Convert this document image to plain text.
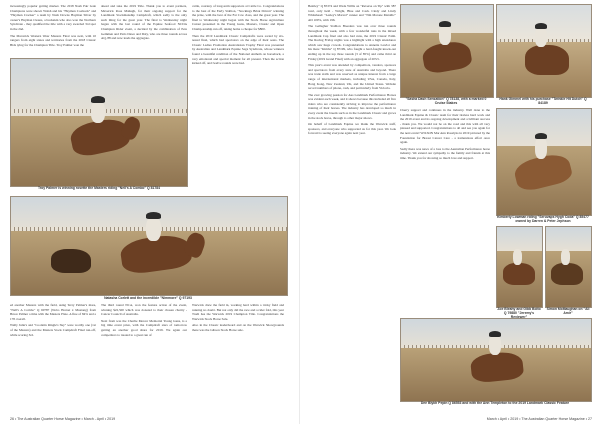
increasingly popular getting market. The 2018 Nash Pair Gale Champions were shown Walsh and his "Hayman Coalsack" and "Hayman Cracker" a team by Nash Downs Hayman Silver by owner's Hayman Cleans, a buckskin who also won the Northern Syndicate - they qualified the title with a very awarded 3rd spot in the 2nd.

The Maverick Western Wear Masters Final was next, with 10 rangers from eight states and territories from the 2018 Classic Bids tying for the Champion Title. Troy Palmer won the

ahead and take the 2019 Title. Thank you to event partners, Maverick Ross Mahugh, for their ongoing support for the Landmark Stockmanship Campdraft, which sadly is the only such thing for the great year. The final to Wednesday night began with the last round of the Equine Seafood NCDA Champion Rider event, a decided by the combination of Peta Gemmen and Paris Dawe and Daly, who are three rounds across AQ, 88 and now leads the aggregate.

cattle, courtesy of long-term supporters at Cattle Co. Congratulations to the best of the Early Stallion, "Stockings Brisk Driven" winning the prize, with the best of the Fat Cow class, and the great year. The final to Wednesday night began with the Stock Horse Agriculture Cutout presented in the Young Guns, Masters, Classic and Open Champ-ionship run off, taking home a cheque for $800.

Then the 2019 Landmark Classic Campdrafts were sorted by six-tested final, which had spectators on the edge of their seats. The Classic Ladies Promotion Australasian Trophy Final was presented by Australian and Landmark Equine Saga Syndicate, whose winners found a beautiful rendition of the National Anthem on horseback, a very emotional and special moment for all present. Then the action kicked off, and twelve rounds were had.

Troy Palmer is winning rosette the Masters riding "Nell's A Combo" Q 81784
Natasha Corlett and the incredible "Nimmore" Q 97193

ed another Masters with the field, using Terry Palmer's mare, "Nell's A Combo" Q 60787 (Nobo Hornet x Mustang) from Bruce Palmer a time with the Masters Plate. A fine of 84% and a 178 overall.

Wally Julie's and "Coolatin Ringle's Sky" were worthy one (1st of the Masters) and the Masters Stock Campdraft Final run-off, while scoring 3rd.

The third round NCA, won the feature action of the event, winning $22,500 which was donated to their chosen charity - Cancer Council of Australia.

Next from was the Charlie Mercer Memorial Young Guns, is a big time event prize, with the Campdraft stars of tomorrow getting an another good share for 2019. We again our competitors to treated to a great run of

Warwick drew the field in, working hard within a tricky field and running no doubt. But not only did the race and a rider fold, this year Trudi has the Warwick 2019 Champion Title. Congratulations the Warwick Stock Horse Sale.

Also in the Classic leaderboard and on the Warwick Showgrounds there was the Gibson Stock Horse sale.

26 • The Australian Quarter Horse Magazine • March - April • 2019

Bentley" Q 85374 and Wade Willis on "Reverse on Tip" with 387 total, only held - Wright, Blue and Cash. Cindy and Lindy Whitehead: "Lesley's Marvel" runner and "Tim Marone Metallic" AD 100%, with 196.

The Gallagher Stallion Breeders was run over three rounds throughout the week, with a few wonderful runs in the mixed Landmark Cup final and also had runs, the 2019 Classic Palm. The Racing Friday nights was a highlight with a high attendance which saw huge crowds. Congratulations to Annette Lawlor and his mare "Kimba" Q 87199, who fought a hard-fought knock-out ending up in the top three rounds (3 of 85%) and came third on Friday (2019 Grand Final) with an aggregate of 203.5.

This year's event was attended by competitors, vendors, sponsors and spectators from every state of Australia and beyond. There was trade stalls and was reserved as unique interest from a large range of international markets, including USA, Canada, Italy, Hong Kong, New Zealand, UK, and the United States. Website record numbers of phone, cash, and particularly from Victoria.

The ever growing passion for Aus Landmark Performance Horses was evident each week, and it shows because this included all five riders who are consistently striving to improve the performance training of their horses. The industry has developed so much in every event the breeds such as in the Landmark Classic and grows in the stock horse, through to other major shows.

On behalf of Landmark Equine we thank the Warwick staff, sponsors, and everyone who supported us for this year. We look forward to seeing everyone again next year.

"Sasha Dash Sensation" Q 78138, with a marked 0 Cruise Stakes
Hank Gimmel with his purchase "Twinkle Hit Dutch" Q 84189
Kimberly Lowman riding "Seruvaps Hygh Coda" Q 85477 owned by Darren & Peter Jephson

Cherry support and continues in the industry. Well done to the Landmark Equine & Classic team for their tireless hard work and the 2019 event and its ongoing development and a brilliant success - thank you. We would not be on the road and this with all very pleased and supported. Congratulations to all and see you again for the next event! WILSON Mar Ann Rosslyns in 2019 pictured by the Foundation for Breast Cancer Care - a tremendous effort once again.

Sadly there was news of a loss to the Australian Performance horse industry. We extend our sympathy to the family and friends at this time. Thank you for showing so much love and support.

Zoe Bleahy and Gibb Bolto Q 79880 "Jeremy's Reviewer"
Simon McMaughan on "Ali Amir"
Dee Blykh Pepin Q 86553 and with the Ann Templeton to the 2019 Landmark Classic Feature
March • April • 2019 • The Australian Quarter Horse Magazine • 27
